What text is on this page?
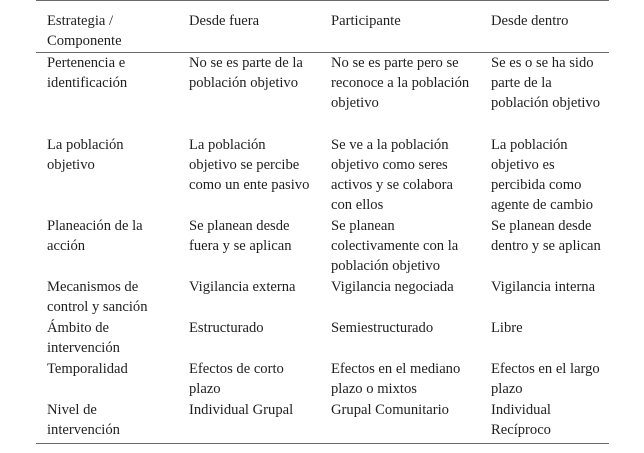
Estrategia / Componente	Desde fuera	Participante	Desde dentro

Pertenencia e identificación	No se es parte de la población objetivo	No se es parte pero se reconoce a la población objetivo	Se es o se ha sido parte de la población objetivo

La población objetivo	La población objetivo se percibe como un ente pasivo	Se ve a la población objetivo como seres activos y se colabora con ellos	La población objetivo es percibida como agente de cambio

Planeación de la acción	Se planean desde fuera y se aplican	Se planean colectivamente con la población objetivo	Se planean desde dentro y se aplican

Mecanismos de control y sanción	Vigilancia externa	Vigilancia negociada	Vigilancia interna

Ámbito de intervención	Estructurado	Semiestructurado	Libre

Temporalidad	Efectos de corto plazo	Efectos en el mediano plazo o mixtos	Efectos en el largo plazo

Nivel de intervención	Individual Grupal	Grupal Comunitario	Individual Recíproco
